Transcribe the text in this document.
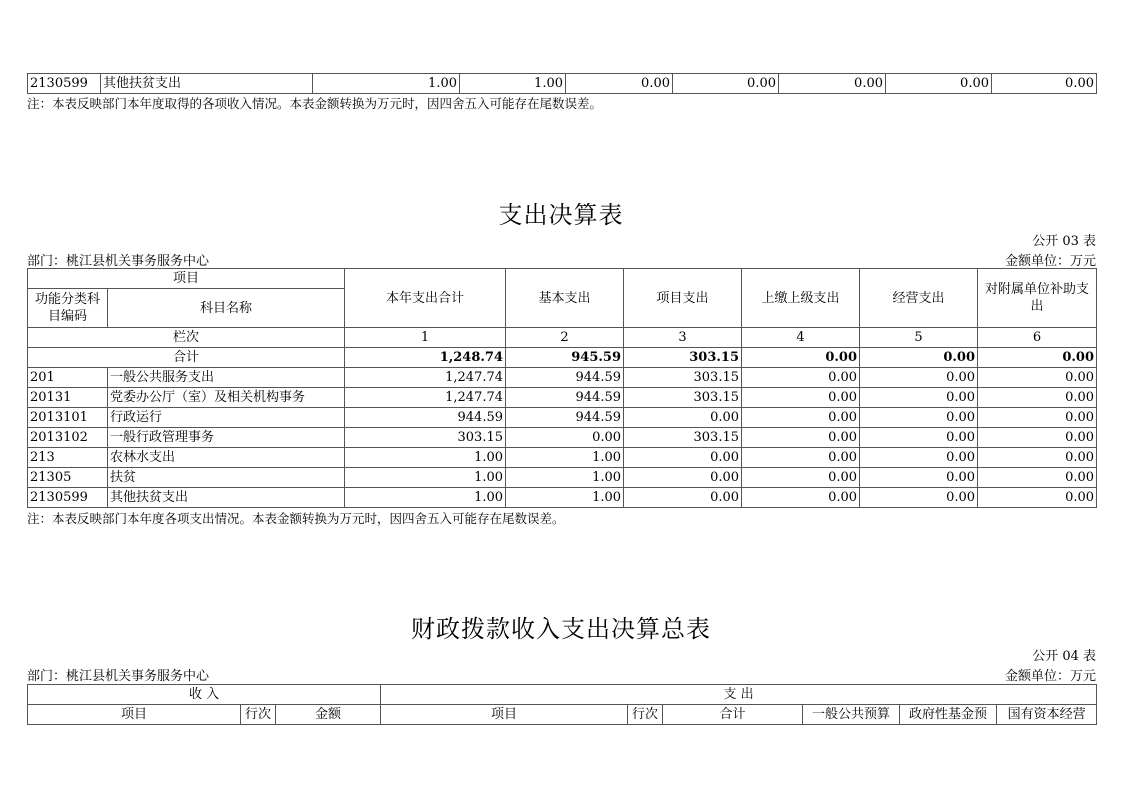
2130599	其他扶贫支出	1.00	1.00	0.00	0.00	0.00	0.00	0.00
注：本表反映部门本年度取得的各项收入情况。本表金额转换为万元时，因四舍五入可能存在尾数误差。
支出决算表
公开 03 表
部门：桃江县机关事务服务中心	金额单位：万元
项目		本年支出合计	基本支出	项目支出	上缴上级支出	经营支出	对附属单位补助支出
功能分类科目编码	科目名称						
栏次		1	2	3	4	5	6
合计		1,248.74	945.59	303.15	0.00	0.00	0.00
201	一般公共服务支出	1,247.74	944.59	303.15	0.00	0.00	0.00
20131	党委办公厅（室）及相关机构事务	1,247.74	944.59	303.15	0.00	0.00	0.00
2013101	行政运行	944.59	944.59	0.00	0.00	0.00	0.00
2013102	一般行政管理事务	303.15	0.00	303.15	0.00	0.00	0.00
213	农林水支出	1.00	1.00	0.00	0.00	0.00	0.00
21305	扶贫	1.00	1.00	0.00	0.00	0.00	0.00
2130599	其他扶贫支出	1.00	1.00	0.00	0.00	0.00	0.00
注：本表反映部门本年度各项支出情况。本表金额转换为万元时，因四舍五入可能存在尾数误差。
财政拨款收入支出决算总表
公开 04 表
部门：桃江县机关事务服务中心	金额单位：万元
收 入			支 出					
项目	行次	金额	项目	行次	合计	一般公共预算	政府性基金预	国有资本经营
